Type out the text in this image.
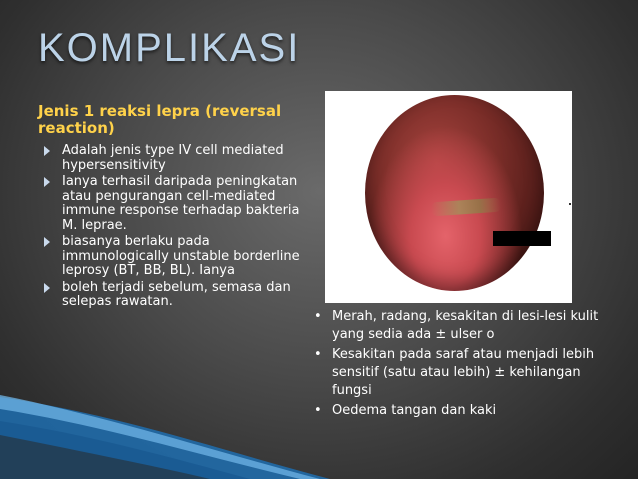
KOMPLIKASI
Jenis 1 reaksi lepra (reversal reaction)
Adalah jenis type IV cell mediated hypersensitivity
Ianya terhasil daripada peningkatan atau pengurangan cell-mediated immune response terhadap bakteria M. leprae.
biasanya berlaku pada immunologically unstable borderline leprosy (BT, BB, BL). Ianya
boleh terjadi sebelum, semasa dan selepas rawatan.
• Merah, radang, kesakitan di lesi-lesi kulit yang sedia ada ± ulser o
• Kesakitan pada saraf atau menjadi lebih sensitif (satu atau lebih) ± kehilangan fungsi
• Oedema tangan dan kaki
